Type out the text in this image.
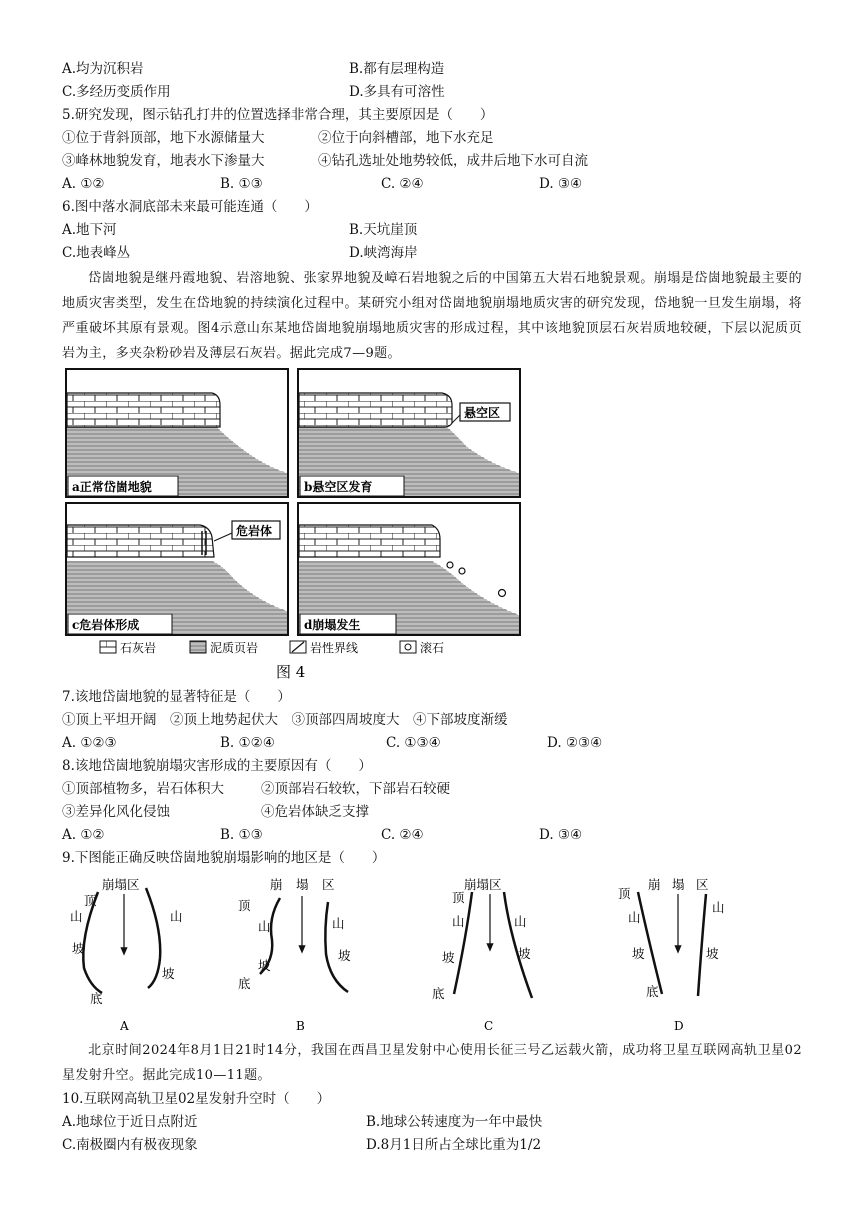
A.均为沉积岩	B.都有层理构造
C.多经历变质作用	D.多具有可溶性
5.研究发现，图示钻孔打井的位置选择非常合理，其主要原因是（　　）
①位于背斜顶部，地下水源储量大	②位于向斜槽部，地下水充足
③峰林地貌发育，地表水下渗量大	④钻孔选址处地势较低，成井后地下水可自流
A. ①②	B. ①③	C. ②④	D. ③④
6.图中落水洞底部未来最可能连通（　　）
A.地下河	B.天坑崖顶
C.地表峰丛	D.峡湾海岸
岱崮地貌是继丹霞地貌、岩溶地貌、张家界地貌及嶂石岩地貌之后的中国第五大岩石地貌景观。崩塌是岱崮地貌最主要的地质灾害类型，发生在岱地貌的持续演化过程中。某研究小组对岱崮地貌崩塌地质灾害的研究发现，岱地貌一旦发生崩塌，将严重破坏其原有景观。图4示意山东某地岱崮地貌崩塌地质灾害的形成过程，其中该地貌顶层石灰岩质地较硬，下层以泥质页岩为主，多夹杂粉砂岩及薄层石灰岩。据此完成7—9题。
a正常岱崮地貌
悬空区
b悬空区发育
危岩体
c危岩体形成	d崩塌发生
石灰岩	泥质页岩	岩性界线	滚石
图 4
7.该地岱崮地貌的显著特征是（　　）
①顶上平坦开阔　②顶上地势起伏大　③顶部四周坡度大　④下部坡度渐缓
A. ①②③	B. ①②④	C. ①③④	D. ②③④
8.该地岱崮地貌崩塌灾害形成的主要原因有（　　）
①顶部植物多，岩石体积大	②顶部岩石较软，下部岩石较硬
③差异化风化侵蚀	④危岩体缺乏支撑
A. ①②	B. ①③	C. ②④	D. ③④
9.下图能正确反映岱崮地貌崩塌影响的地区是（　　）
崩塌区
顶
山
坡
底
山
坡
A
崩 塌 区
顶
山
坡
底
山
坡
B
崩塌区
顶
山
坡
底
山
坡
C
崩 塌 区
顶
山
坡
底
山
坡
D
北京时间2024年8月1日21时14分，我国在西昌卫星发射中心使用长征三号乙运载火箭，成功将卫星互联网高轨卫星02星发射升空。据此完成10—11题。
10.互联网高轨卫星02星发射升空时（　　）
A.地球位于近日点附近	B.地球公转速度为一年中最快
C.南极圈内有极夜现象	D.8月1日所占全球比重为1/2
